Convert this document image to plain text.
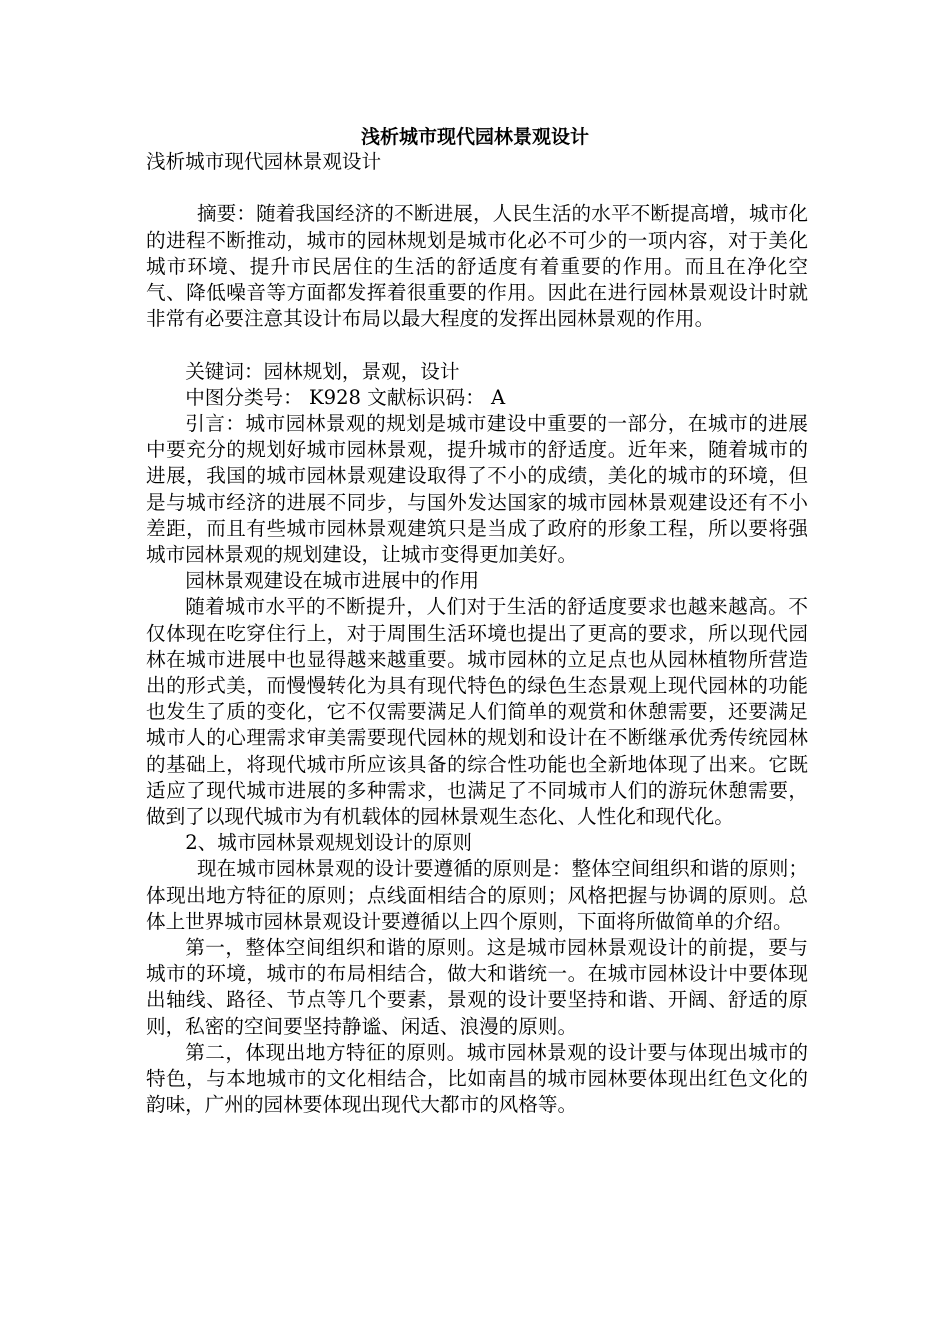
浅析城市现代园林景观设计

浅析城市现代园林景观设计

摘要：随着我国经济的不断进展，人民生活的水平不断提高增，城市化的进程不断推动，城市的园林规划是城市化必不可少的一项内容，对于美化城市环境、提升市民居住的生活的舒适度有着重要的作用。而且在净化空气、降低噪音等方面都发挥着很重要的作用。因此在进行园林景观设计时就非常有必要注意其设计布局以最大程度的发挥出园林景观的作用。

关键词：园林规划，景观，设计

中图分类号： K928 文献标识码： A

引言：城市园林景观的规划是城市建设中重要的一部分，在城市的进展中要充分的规划好城市园林景观，提升城市的舒适度。近年来，随着城市的进展，我国的城市园林景观建设取得了不小的成绩，美化的城市的环境，但是与城市经济的进展不同步，与国外发达国家的城市园林景观建设还有不小差距，而且有些城市园林景观建筑只是当成了政府的形象工程，所以要将强城市园林景观的规划建设，让城市变得更加美好。

园林景观建设在城市进展中的作用

随着城市水平的不断提升，人们对于生活的舒适度要求也越来越高。不仅体现在吃穿住行上，对于周围生活环境也提出了更高的要求，所以现代园林在城市进展中也显得越来越重要。城市园林的立足点也从园林植物所营造出的形式美，而慢慢转化为具有现代特色的绿色生态景观上现代园林的功能也发生了质的变化，它不仅需要满足人们简单的观赏和休憩需要，还要满足城市人的心理需求审美需要现代园林的规划和设计在不断继承优秀传统园林的基础上，将现代城市所应该具备的综合性功能也全新地体现了出来。它既适应了现代城市进展的多种需求，也满足了不同城市人们的游玩休憩需要，做到了以现代城市为有机载体的园林景观生态化、人性化和现代化。

2、城市园林景观规划设计的原则

现在城市园林景观的设计要遵循的原则是：整体空间组织和谐的原则；体现出地方特征的原则；点线面相结合的原则；风格把握与协调的原则。总体上世界城市园林景观设计要遵循以上四个原则，下面将所做简单的介绍。

第一，整体空间组织和谐的原则。这是城市园林景观设计的前提，要与城市的环境，城市的布局相结合，做大和谐统一。在城市园林设计中要体现出轴线、路径、节点等几个要素，景观的设计要坚持和谐、开阔、舒适的原则，私密的空间要坚持静谧、闲适、浪漫的原则。

第二，体现出地方特征的原则。城市园林景观的设计要与体现出城市的特色，与本地城市的文化相结合，比如南昌的城市园林要体现出红色文化的韵味，广州的园林要体现出现代大都市的风格等。
